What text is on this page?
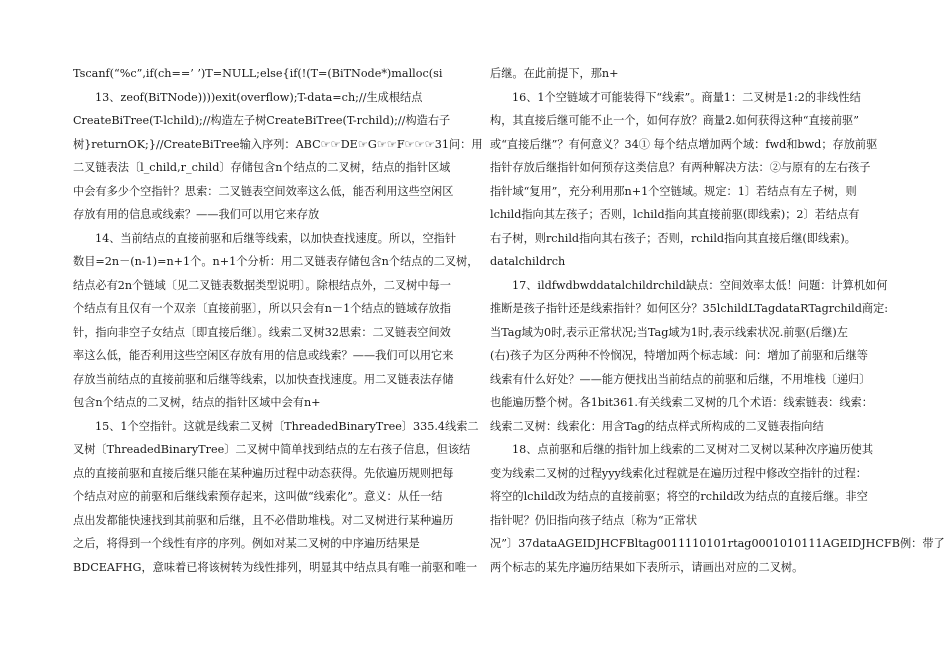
Tscanf(“%c”,if(ch==’ ’)T=NULL;else{if(!(T=(BiTNode*)malloc(si
13、zeof(BiTNode))))exit(overflow);T-data=ch;//生成根结点
CreateBiTree(T-lchild);//构造左子树CreateBiTree(T-rchild);//构造右子
树}returnOK;}//CreateBiTree输入序列：ABC☞☞DE☞G☞☞F☞☞☞31问：用
二叉链表法〔l_child,r_child〕存储包含n个结点的二叉树，结点的指针区域
中会有多少个空指针？思索：二叉链表空间效率这么低，能否利用这些空闲区
存放有用的信息或线索？——我们可以用它来存放
14、当前结点的直接前驱和后继等线索，以加快查找速度。所以，空指针
数目=2n－(n-1)=n+1个。n+1个分析：用二叉链表存储包含n个结点的二叉树，
结点必有2n个链域〔见二叉链表数据类型说明〕。除根结点外，二叉树中每一
个结点有且仅有一个双亲〔直接前驱〕，所以只会有n－1个结点的链域存放指
针，指向非空子女结点〔即直接后继〕。线索二叉树32思索：二叉链表空间效
率这么低，能否利用这些空闲区存放有用的信息或线索？——我们可以用它来
存放当前结点的直接前驱和后继等线索，以加快查找速度。用二叉链表法存储
包含n个结点的二叉树，结点的指针区域中会有n+
15、1个空指针。这就是线索二叉树〔ThreadedBinaryTree〕335.4线索二
叉树〔ThreadedBinaryTree〕二叉树中简单找到结点的左右孩子信息，但该结
点的直接前驱和直接后继只能在某种遍历过程中动态获得。先依遍历规则把每
个结点对应的前驱和后继线索预存起来，这叫做“线索化”。意义：从任一结
点出发都能快速找到其前驱和后继，且不必借助堆栈。对二叉树进行某种遍历
之后，将得到一个线性有序的序列。例如对某二叉树的中序遍历结果是
BDCEAFHG，意味着已将该树转为线性排列，明显其中结点具有唯一前驱和唯一
后继。在此前提下，那n+
16、1个空链域才可能装得下“线索”。商量1：二叉树是1:2的非线性结
构，其直接后继可能不止一个，如何存放？商量2.如何获得这种“直接前驱”
或“直接后继”？有何意义？34① 每个结点增加两个域：fwd和bwd；存放前驱
指针存放后继指针如何预存这类信息？有两种解决方法：②与原有的左右孩子
指针域“复用”，充分利用那n+1个空链域。规定：1〕若结点有左子树，则
lchild指向其左孩子；否则，lchild指向其直接前驱(即线索)；2〕若结点有
右子树，则rchild指向其右孩子；否则，rchild指向其直接后继(即线索)。
datalchildrch
17、ildfwdbwddatalchildrchild缺点：空间效率太低！问题：计算机如何
推断是孩子指针还是线索指针？如何区分？35lchildLTagdataRTagrchild商定:
当Tag域为0时,表示正常状况;当Tag域为1时,表示线索状况.前驱(后继)左
(右)孩子为区分两种不怜悯况，特增加两个标志域：问：增加了前驱和后继等
线索有什么好处？——能方便找出当前结点的前驱和后继，不用堆栈〔递归〕
也能遍历整个树。各1bit361.有关线索二叉树的几个术语：线索链表：线索：
线索二叉树：线索化：用含Tag的结点样式所构成的二叉链表指向结
18、点前驱和后继的指针加上线索的二叉树对二叉树以某种次序遍历使其
变为线索二叉树的过程yyy线索化过程就是在遍历过程中修改空指针的过程：
将空的lchild改为结点的直接前驱；将空的rchild改为结点的直接后继。非空
指针呢？仍旧指向孩子结点〔称为“正常状
况”〕37dataAGEIDJHCFBltag0011110101rtag0001010111AGEIDJHCFB例：带了
两个标志的某先序遍历结果如下表所示，请画出对应的二叉树。
